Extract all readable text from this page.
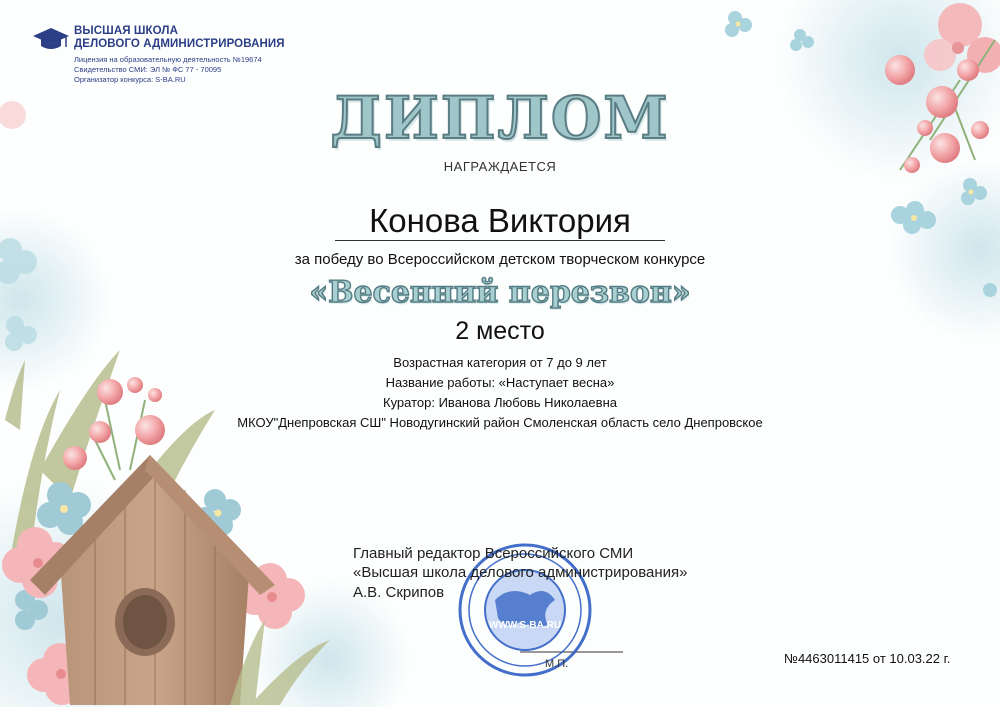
WWW.S-BA.RU
ВЫСШАЯ ШКОЛА
ДЕЛОВОГО АДМИНИСТРИРОВАНИЯ
Лицензия на образовательную деятельность №19674
Свидетельство СМИ: ЭЛ № ФС 77 - 70095
Организатор конкурса: S-BA.RU
ДИПЛОМ
НАГРАЖДАЕТСЯ
Конова Виктория
за победу во Всероссийском детском творческом конкурсе
«Весенний перезвон»
2 место
Возрастная категория от 7 до 9 лет
Название работы: «Наступает весна»
Куратор: Иванова Любовь Николаевна
МКОУ"Днепровская СШ" Новодугинский район Смоленская область село Днепровское
Главный редактор Всероссийского СМИ
«Высшая школа делового администрирования»
А.В. Скрипов
М.П.	№4463011415 от 10.03.22 г.
